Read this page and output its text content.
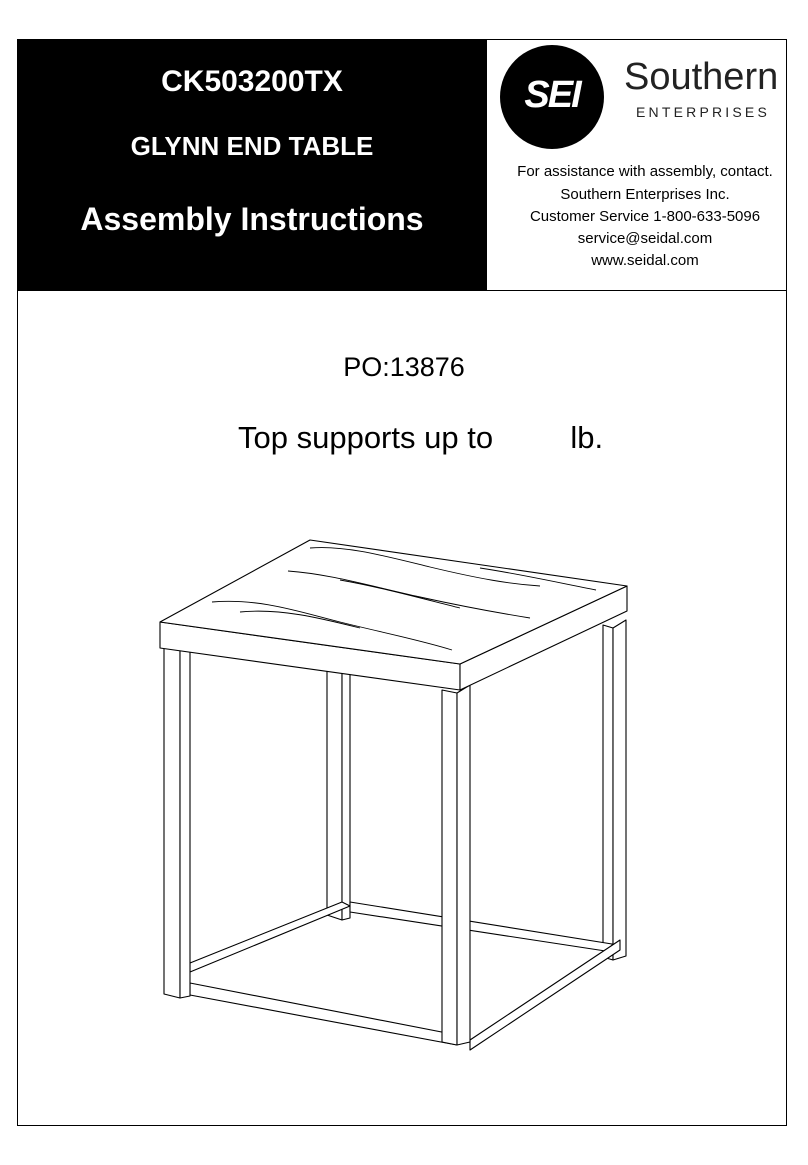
CK503200TX
GLYNN END TABLE
Assembly Instructions
SEI	Southern
ENTERPRISES
For assistance with assembly, contact.
Southern Enterprises Inc.
Customer Service 1-800-633-5096
service@seidal.com
www.seidal.com
PO:13876
Top supports up to lb.
